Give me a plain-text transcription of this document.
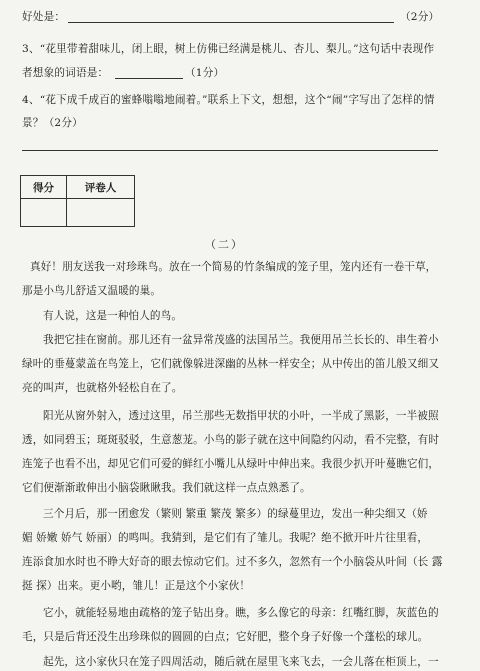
好处是：	（2分）
3、“花里带着甜味儿，闭上眼，树上仿佛已经满是桃儿、杏儿、梨儿。”这句话中表现作
者想象的词语是：	（1分）
4、“花下成千成百的蜜蜂嗡嗡地闹着。”联系上下文，想想，这个“闹”字写出了怎样的情
景？（2分）
得分	评卷人

（二）
真好！朋友送我一对珍珠鸟。放在一个简易的竹条编成的笼子里，笼内还有一卷干草，
那是小鸟儿舒适又温暖的巢。
有人说，这是一种怕人的鸟。
我把它挂在窗前。那儿还有一盆异常茂盛的法国吊兰。我便用吊兰长长的、串生着小
绿叶的垂蔓蒙盖在鸟笼上，它们就像躲进深幽的丛林一样安全；从中传出的笛儿般又细又
亮的叫声，也就格外轻松自在了。
阳光从窗外射入，透过这里，吊兰那些无数指甲状的小叶，一半成了黑影，一半被照
透，如同碧玉；斑斑驳驳，生意葱茏。小鸟的影子就在这中间隐约闪动，看不完整，有时
连笼子也看不出，却见它们可爱的鲜红小嘴儿从绿叶中伸出来。我很少扒开叶蔓瞧它们，
它们便渐渐敢伸出小脑袋瞅瞅我。我们就这样一点点熟悉了。
三个月后，那一团愈发（繁则 繁重 繁茂 繁多）的绿蔓里边，发出一种尖细又（娇
媚 娇嫩 娇气 娇丽）的鸣叫。我猜到，是它们有了雏儿。我呢？绝不掀开叶片往里看，
连添食加水时也不睁大好奇的眼去惊动它们。过不多久，忽然有一个小脑袋从叶间（长 露
挺 探）出来。更小哟，雏儿！正是这个小家伙！
它小，就能轻易地由疏格的笼子钻出身。瞧，多么像它的母亲：红嘴红脚，灰蓝色的
毛，只是后背还没生出珍珠似的圆圆的白点；它好肥，整个身子好像一个蓬松的球儿。
起先，这小家伙只在笼子四周活动，随后就在屋里飞来飞去，一会儿落在柜顶上，一
